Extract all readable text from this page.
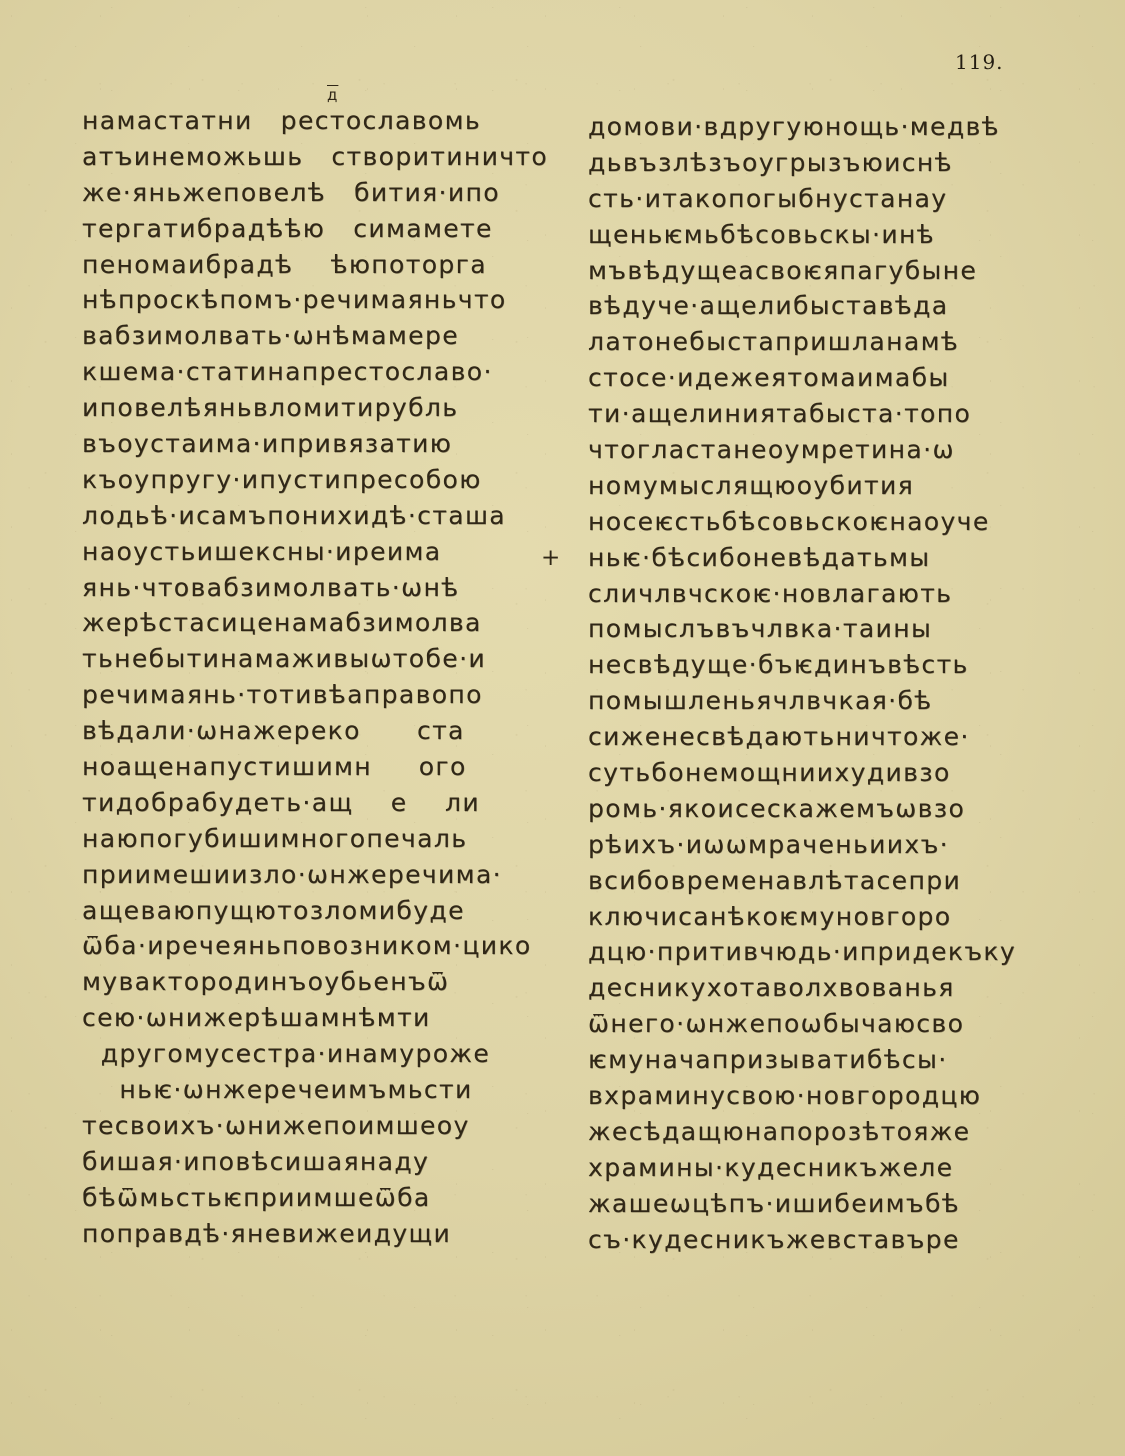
119.
д
намастатни   рестославомь
атъинеможьшь   створитиничто
же·яньжеповелѣ   бития·ипо
тергатибрадѣѣю   симамете
пеномаибрадѣ    ѣюпоторга
нѣпроскѣпомъ·речимаяньчто
вабзимолвать·ѡнѣмамере
кшема·статинапрестославо·
иповелѣяньвломитирубль
въоустаима·ипривязатию
къоупругу·ипустипресобою
лодьѣ·исамъпонихидѣ·сташа
наоустьишексны·иреима
янь·чтовабзимолвать·ѡнѣ
жерѣстасиценамабзимолва
тьнебытинамаживыѡтобе·и
речимаянь·тотивѣаправопо
вѣдали·ѡнажереко      ста
ноащенапустишимн     ого
тидобрабудеть·ащ    е    ли
наюпогубишимногопечаль
приимешиизло·ѡнжеречима·
ащеваюпущютозломибуде
ѿба·иречеяньповозником·цико
мувактородинъоубьенъѿ
сею·ѡнижерѣшамнѣмти
другомусестра·инамуроже
ньѥ·ѡнжеречеимъмьсти
тесвоихъ·ѡнижепоимшеоу
бишая·иповѣсишаянаду
бѣѿмьстьѥприимшеѿба
поправдѣ·яневижеидущи
домови·вдругуюнощь·медвѣ
дьвъзлѣзъоугрызъюиснѣ
сть·итакопогыбнустанау
щеньѥмьбѣсовьскы·инѣ
мъвѣдущеасвоѥяпагубыне
вѣдуче·ащелибыставѣда
латонебыстапришланамѣ
стосе·идежеятомаимабы
ти·ащелиниятабыста·топо
чтогластанеоумретина·ѡ
номумыслящюоубития
носеѥстьбѣсовьскоѥнаоуче
ньѥ·бѣсибоневѣдатьмы
сличлвчскоѥ·новлагають
помыслъвъчлвка·таины
несвѣдуще·бъѥдинъвѣсть
помышленьячлвчкая·бѣ
сиженесвѣдаютьничтоже·
сутьбонемощниихудивзо
ромь·якоисескажемъѡвзо
рѣихъ·иѡѡмраченьиихъ·
всибовременавлѣтасепри
ключисанѣкоѥмуновгоро
дцю·притивчюдь·ипридекъку
десникухотаволхвованья
ѿнего·ѡнжепоѡбычаюсво
ѥмуначапризыватибѣсы·
вхраминусвою·новгородцю
жесѣдащюнапорозѣтояже
храмины·кудесникъжеле
жашеѡцѣпъ·ишибеимъбѣ
съ·кудесникъжевставъре
+
